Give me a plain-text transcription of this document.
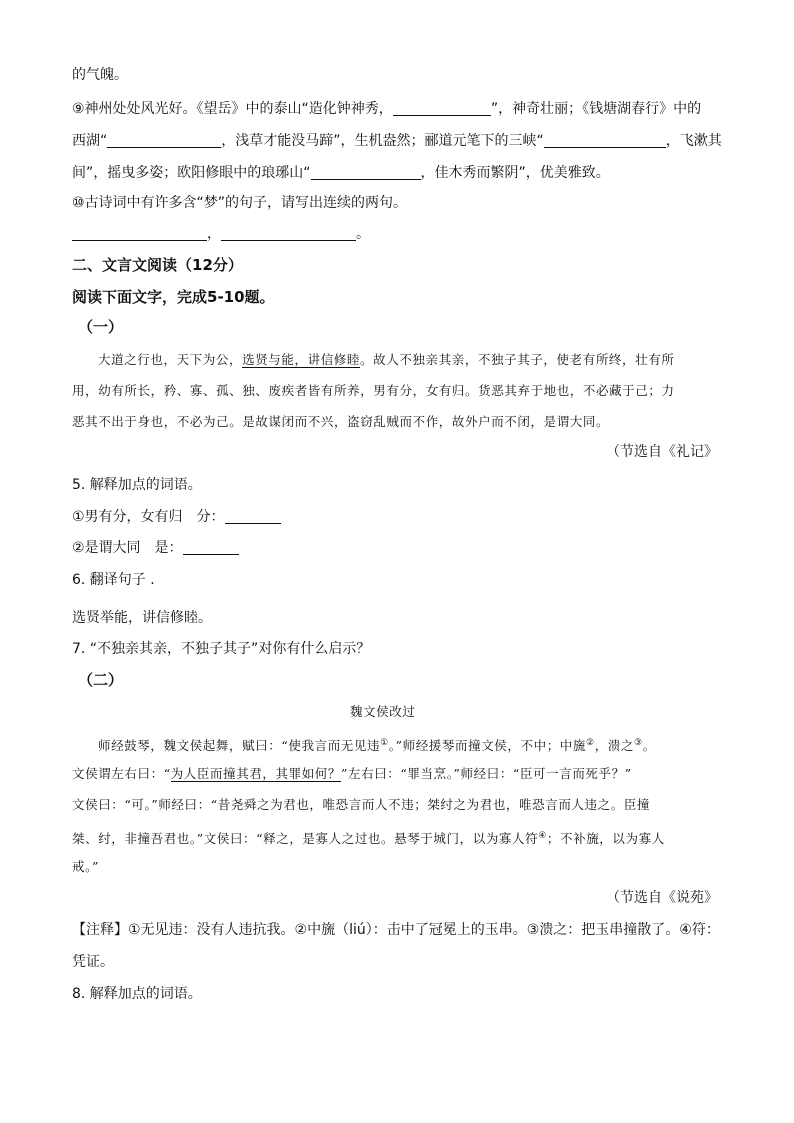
的气魄。
⑨神州处处风光好。《望岳》中的泰山“造化钟神秀，	”，神奇壮丽；《钱塘湖春行》中的
西湖“	，浅草才能没马蹄”，生机盎然；郦道元笔下的三峡“	，飞漱其
间”，摇曳多姿；欧阳修眼中的琅琊山“	，佳木秀而繁阴”，优美雅致。
⑩古诗词中有许多含“梦”的句子，请写出连续的两句。
，	。
二、文言文阅读（12分）
阅读下面文字，完成5-10题。
（一）
大道之行也，天下为公，选贤与能，讲信修睦。故人不独亲其亲，不独子其子，使老有所终，壮有所
用，幼有所长，矜、寡、孤、独、废疾者皆有所养，男有分，女有归。货恶其弃于地也，不必藏于己；力
恶其不出于身也，不必为己。是故谋闭而不兴，盗窃乱贼而不作，故外户而不闭，是谓大同。
（节选自《礼记》
5. 解释加点的词语。
①男有分，女有归　分：
②是谓大同　是：
6. 翻译句子 .
选贤举能，讲信修睦。
7. “不独亲其亲，不独子其子”对你有什么启示？
（二）
魏文侯改过
师经鼓琴，魏文侯起舞，赋曰：“使我言而无见违①。”师经援琴而撞文侯，不中；中旒②，溃之③。
文侯谓左右曰：“为人臣而撞其君，其罪如何？”左右曰：“罪当烹。”师经曰：“臣可一言而死乎？”
文侯曰：“可。”师经曰：“昔尧舜之为君也，唯恐言而人不违；桀纣之为君也，唯恐言而人违之。臣撞
桀、纣，非撞吾君也。”文侯曰：“释之，是寡人之过也。悬琴于城门，以为寡人符④；不补旒，以为寡人
戒。”
（节选自《说苑》
【注释】①无见违：没有人违抗我。②中旒（liú）：击中了冠冕上的玉串。③溃之：把玉串撞散了。④符：
凭证。
8. 解释加点的词语。
